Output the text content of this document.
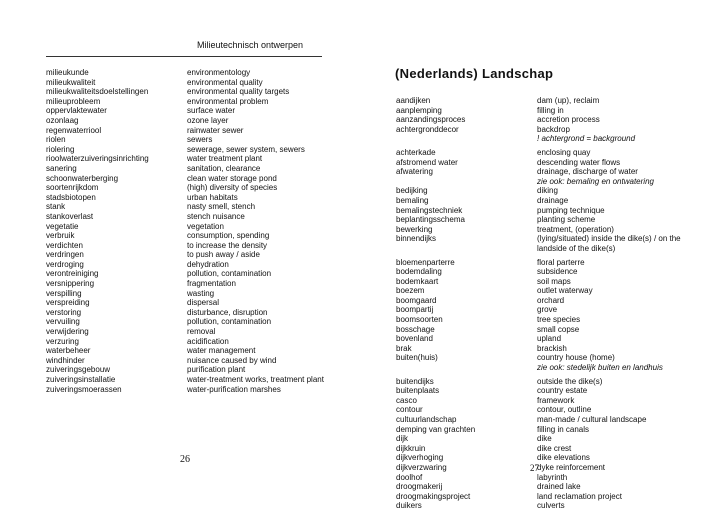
Milieutechnisch ontwerpen
milieukunde
milieukwaliteit
milieukwaliteitsdoelstellingen
milieuprobleem
oppervlaktewater
ozonlaag
regenwaterriool
riolen
riolering
rioolwaterzuiveringsinrichting
sanering
schoonwaterberging
soortenrijkdom
stadsbiotopen
stank
stankoverlast
vegetatie
verbruik
verdichten
verdringen
verdroging
verontreiniging
versnippering
verspilling
verspreiding
verstoring
vervuiling
verwijdering
verzuring
waterbeheer
windhinder
zuiveringsgebouw
zuiveringsinstallatie
zuiveringsmoerassen
environmentology
environmental quality
environmental quality targets
environmental problem
surface water
ozone layer
rainwater sewer
sewers
sewerage, sewer system, sewers
water treatment plant
sanitation, clearance
clean water storage pond
(high) diversity of species
urban habitats
nasty smell, stench
stench nuisance
vegetation
consumption, spending
to increase the density
to push away / aside
dehydration
pollution, contamination
fragmentation
wasting
dispersal
disturbance, disruption
pollution, contamination
removal
acidification
water management
nuisance caused by wind
purification plant
water-treatment works, treatment plant
water-purification marshes
26
(Nederlands) Landschap
aandijken
aanplemping
aanzandingsproces
achtergronddecor
achterkade
afstromend water
afwatering
bedijking
bemaling
bemalingstechniek
beplantingsschema
bewerking
binnendijks
bloemenparterre
bodemdaling
bodemkaart
boezem
boomgaard
boompartij
boomsoorten
bosschage
bovenland
brak
buiten(huis)
buitendijks
buitenplaats
casco
contour
cultuurlandschap
demping van grachten
dijk
dijkkruin
dijkverhoging
dijkverzwaring
doolhof
droogmakerij
droogmakingsproject
duikers
dam (up), reclaim
filling in
accretion process
backdrop
! achtergrond = background
enclosing quay
descending water flows
drainage, discharge of water
zie ook: bemaling en ontwatering
diking
drainage
pumping technique
planting scheme
treatment, (operation)
(lying/situated) inside the dike(s) / on the
landside of the dike(s)
floral parterre
subsidence
soil maps
outlet waterway
orchard
grove
tree species
small copse
upland
brackish
country house (home)
zie ook: stedelijk buiten en landhuis
outside the dike(s)
country estate
framework
contour, outline
man-made / cultural landscape
filling in canals
dike
dike crest
dike elevations
dyke reinforcement
labyrinth
drained lake
land reclamation project
culverts
27
